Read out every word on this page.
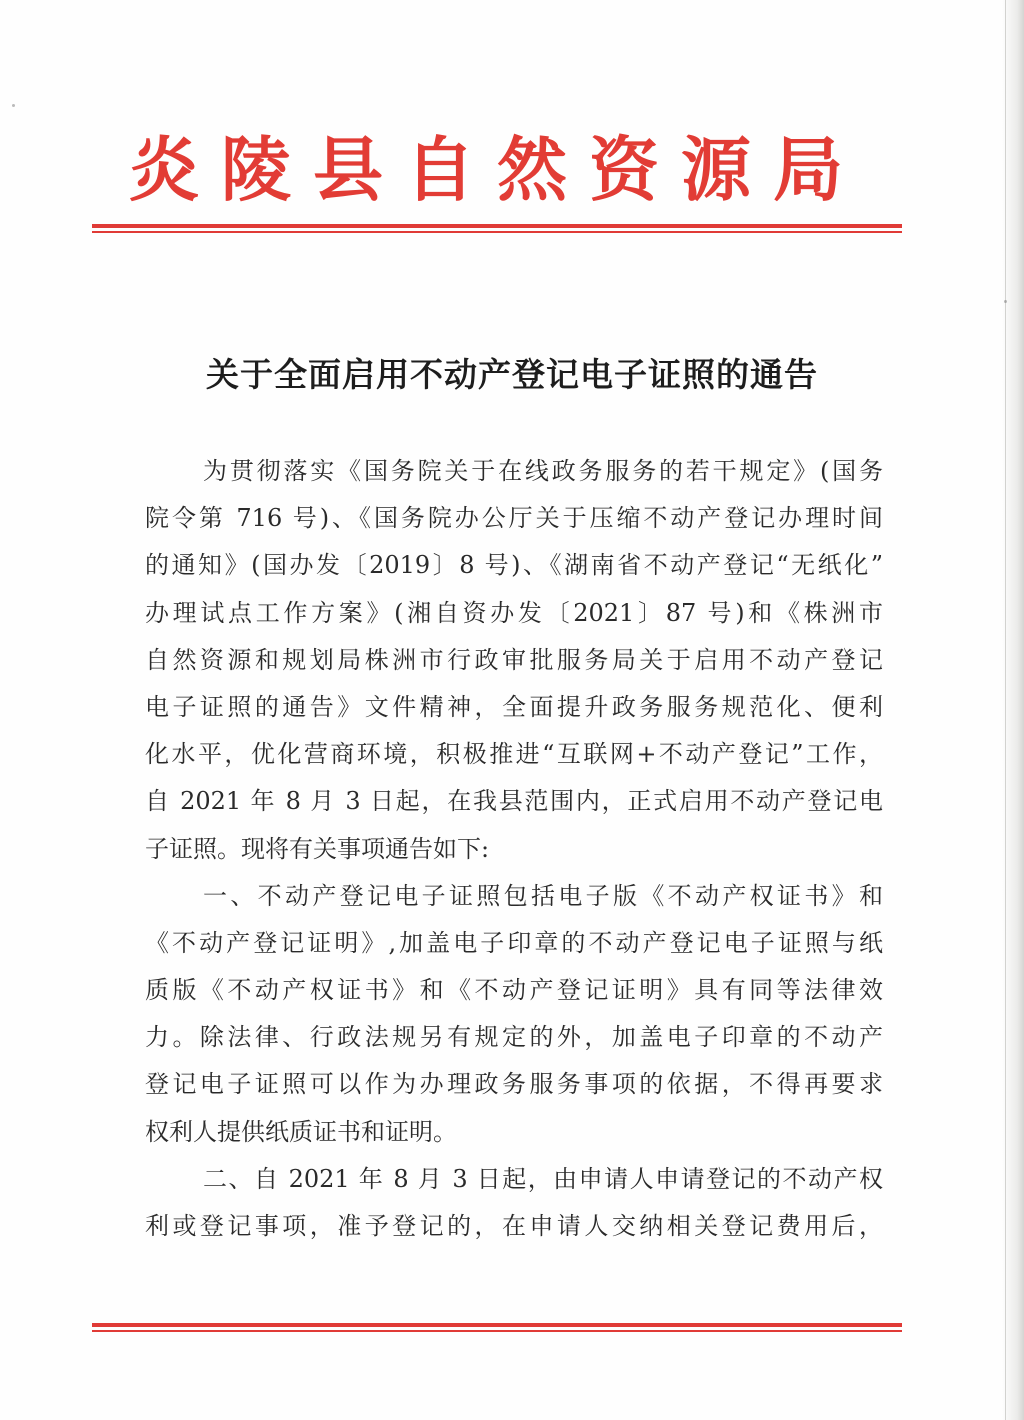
炎陵县自然资源局
关于全面启用不动产登记电子证照的通告
为贯彻落实《国务院关于在线政务服务的若干规定》(国务
院令第 716 号)、《国务院办公厅关于压缩不动产登记办理时间
的通知》(国办发〔2019〕8 号)、《湖南省不动产登记“无纸化”
办理试点工作方案》(湘自资办发〔2021〕87 号)和《株洲市
自然资源和规划局株洲市行政审批服务局关于启用不动产登记
电子证照的通告》文件精神，全面提升政务服务规范化、便利
化水平，优化营商环境，积极推进“互联网+不动产登记”工作，
自 2021 年 8 月 3 日起，在我县范围内，正式启用不动产登记电
子证照。现将有关事项通告如下:
一、不动产登记电子证照包括电子版《不动产权证书》和
《不动产登记证明》,加盖电子印章的不动产登记电子证照与纸
质版《不动产权证书》和《不动产登记证明》具有同等法律效
力。除法律、行政法规另有规定的外，加盖电子印章的不动产
登记电子证照可以作为办理政务服务事项的依据，不得再要求
权利人提供纸质证书和证明。
二、自 2021 年 8 月 3 日起，由申请人申请登记的不动产权
利或登记事项，准予登记的，在申请人交纳相关登记费用后，
